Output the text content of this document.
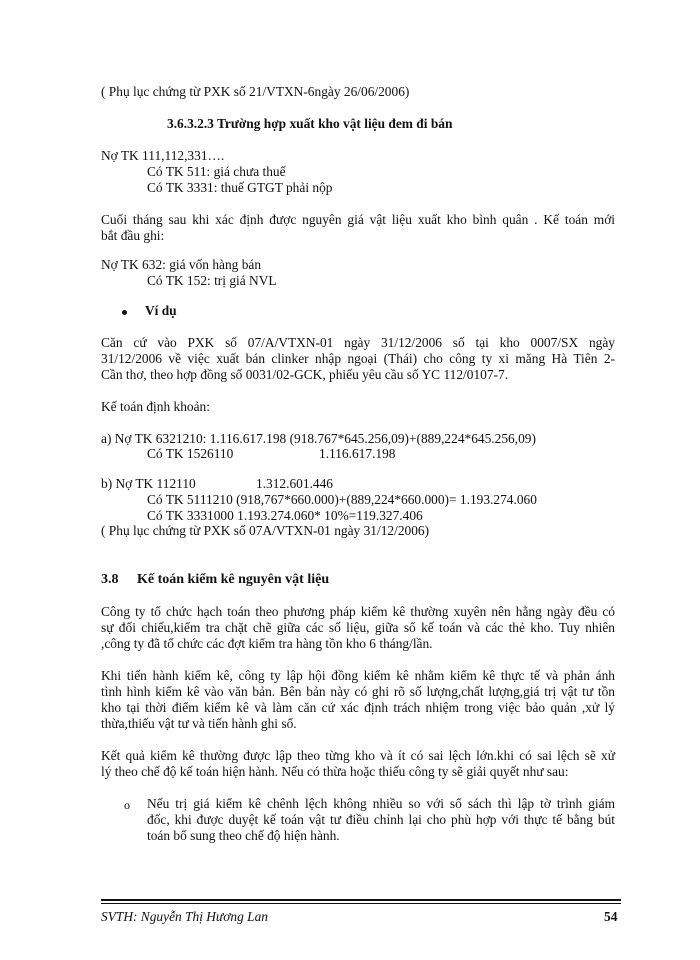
( Phụ lục chứng từ PXK số 21/VTXN-6ngày 26/06/2006)
3.6.3.2.3 Trường hợp xuất kho vật liệu đem đi bán
Nợ TK 111,112,331….
Có TK 511: giá chưa thuế
Có TK 3331: thuế GTGT phải nộp
Cuối tháng sau khi xác định được nguyên giá vật liệu xuất kho bình quân . Kế toán mới
bắt đầu ghi:
Nợ TK 632: giá vốn hàng bán
Có TK 152: trị giá NVL
Ví dụ
Căn cứ vào PXK số 07/A/VTXN-01 ngày 31/12/2006 số tại kho 0007/SX ngày
31/12/2006 về việc xuất bán clinker nhập ngoại (Thái) cho công ty xi măng Hà Tiên 2-
Cần thơ, theo hợp đồng số 0031/02-GCK, phiếu yêu cầu số YC 112/0107-7.
Kế toán định khoản:
a) Nợ TK 6321210: 1.116.617.198 (918.767*645.256,09)+(889,224*645.256,09)
Có TK 1526110	1.116.617.198
b) Nợ TK 112110	1.312.601.446
Có TK 5111210 (918,767*660.000)+(889,224*660.000)= 1.193.274.060
Có TK 3331000 1.193.274.060* 10%=119.327.406
( Phụ lục chứng từ PXK số 07A/VTXN-01 ngày 31/12/2006)
3.8 Kế toán kiểm kê nguyên vật liệu
Công ty tổ chức hạch toán theo phương pháp kiểm kê thường xuyên nên hằng ngày đều có
sự đối chiếu,kiểm tra chặt chẽ giữa các số liệu, giữa sổ kế toán và các thẻ kho. Tuy nhiên
,công ty đã tổ chức các đợt kiểm tra hàng tồn kho 6 tháng/lần.
Khi tiến hành kiểm kê, công ty lập hội đồng kiểm kê nhằm kiểm kê thực tế và phản ánh
tình hình kiểm kê vào văn bản. Bên bản này có ghi rõ số lượng,chất lượng,giá trị vật tư tồn
kho tại thời điểm kiểm kê và làm căn cứ xác định trách nhiệm trong việc bảo quản ,xử lý
thừa,thiếu vật tư và tiến hành ghi sổ.
Kết quả kiểm kê thường được lập theo từng kho và ít có sai lệch lớn.khi có sai lệch sẽ xử
lý theo chế độ kế toán hiện hành. Nếu có thừa hoặc thiếu công ty sẽ giải quyết như sau:
o Nếu trị giá kiểm kê chênh lệch không nhiều so với sổ sách thì lập tờ trình giám
đốc, khi được duyệt kế toán vật tư điều chỉnh lại cho phù hợp với thực tế bằng bút
toán bổ sung theo chế độ hiện hành.
SVTH: Nguyễn Thị Hương Lan	54
